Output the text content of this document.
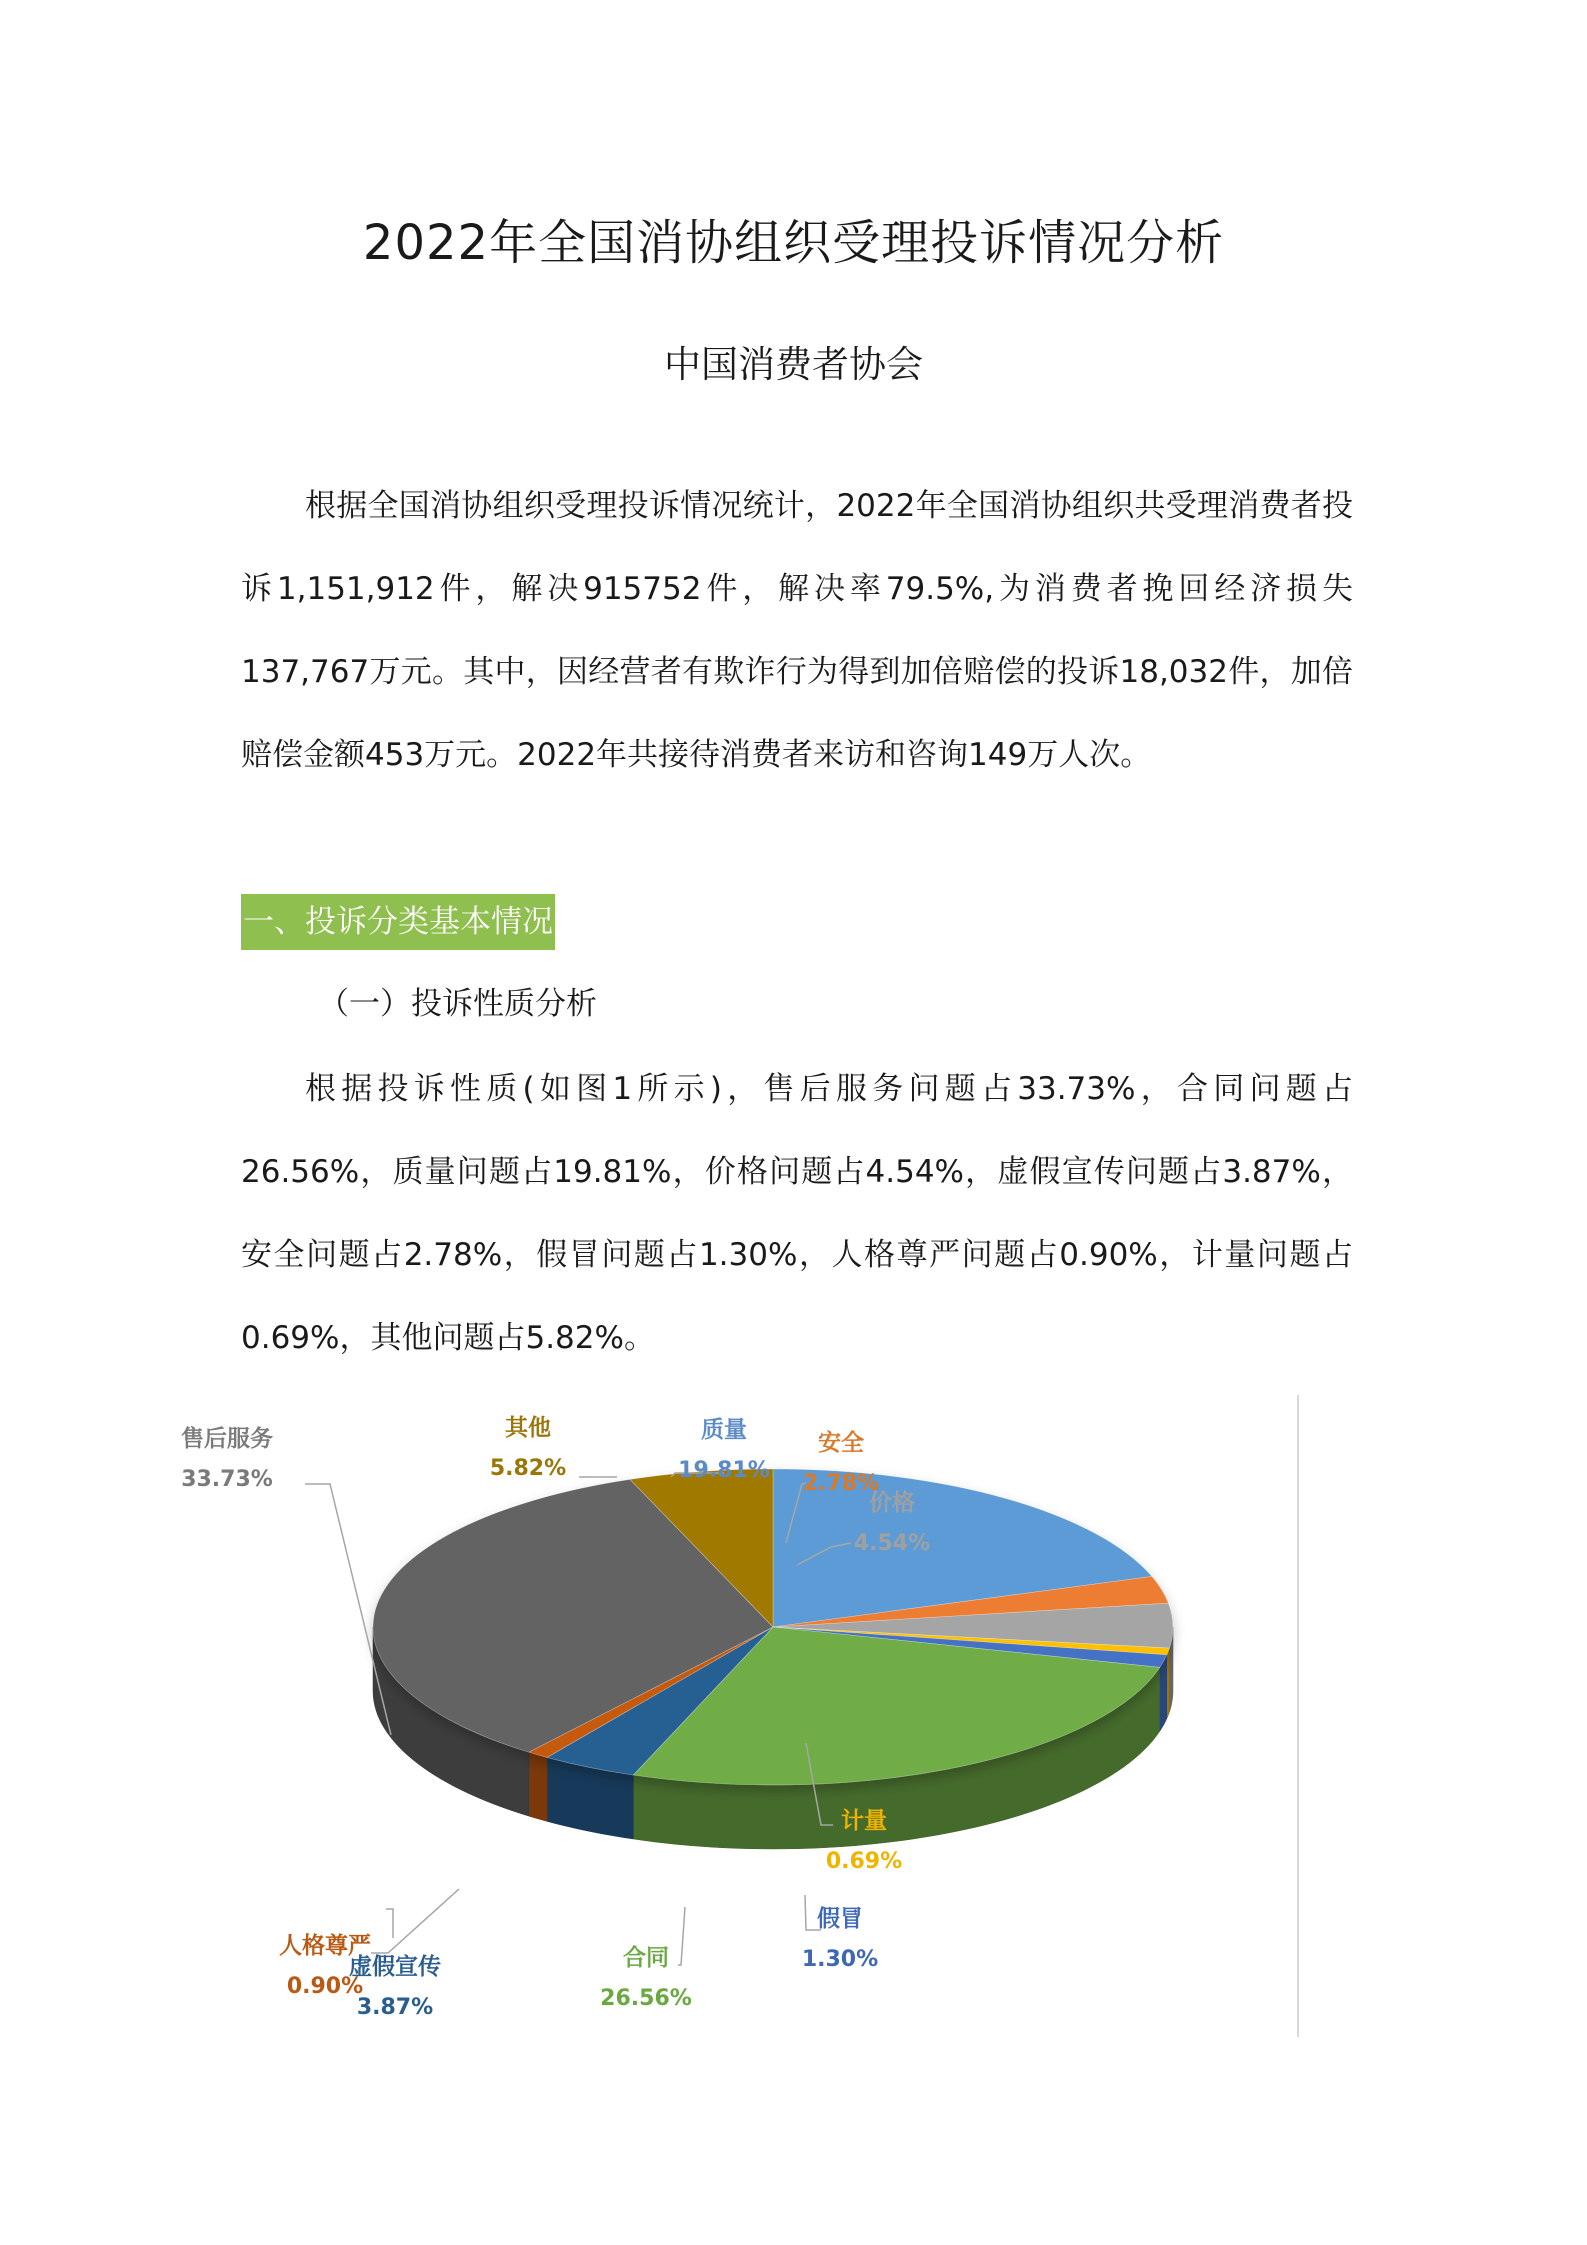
2022年全国消协组织受理投诉情况分析
中国消费者协会

根据全国消协组织受理投诉情况统计，2022年全国消协组织共受理消费者投诉1,151,912件，解决915752件，解决率79.5%,为消费者挽回经济损失137,767万元。其中，因经营者有欺诈行为得到加倍赔偿的投诉18,032件，加倍赔偿金额453万元。2022年共接待消费者来访和咨询149万人次。

一、投诉分类基本情况
（一）投诉性质分析

根据投诉性质(如图1所示)，售后服务问题占33.73%，合同问题占26.56%，质量问题占19.81%，价格问题占4.54%，虚假宣传问题占3.87%，安全问题占2.78%，假冒问题占1.30%，人格尊严问题占0.90%，计量问题占0.69%，其他问题占5.82%。

质量
19.81%
安全
2.78%
价格
4.54%
计量
0.69%
假冒
1.30%
合同
26.56%
虚假宣传
3.87%
人格尊严
0.90%
售后服务
33.73%
其他
5.82%
